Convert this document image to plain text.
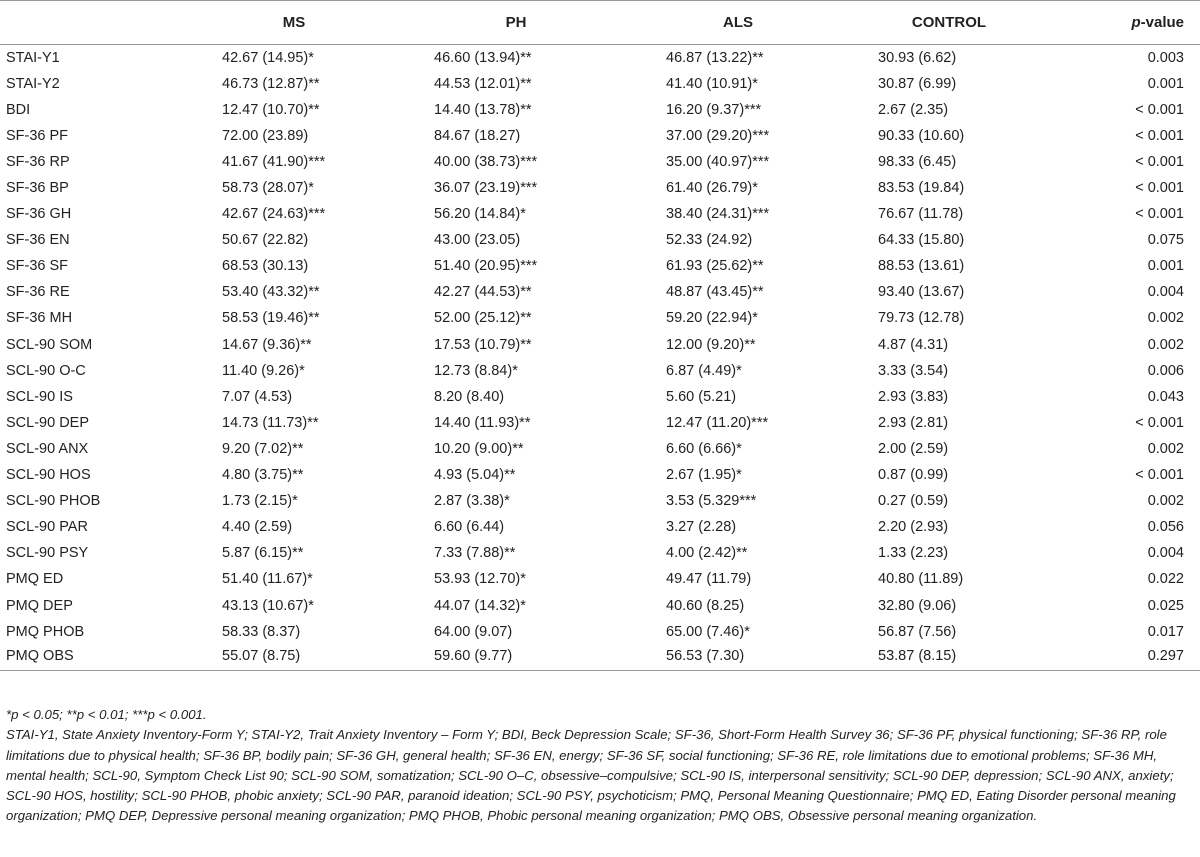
	MS	PH	ALS	CONTROL	p-value
STAI-Y1	42.67 (14.95)*	46.60 (13.94)**	46.87 (13.22)**	30.93 (6.62)	0.003
STAI-Y2	46.73 (12.87)**	44.53 (12.01)**	41.40 (10.91)*	30.87 (6.99)	0.001
BDI	12.47 (10.70)**	14.40 (13.78)**	16.20 (9.37)***	2.67 (2.35)	< 0.001
SF-36 PF	72.00 (23.89)	84.67 (18.27)	37.00 (29.20)***	90.33 (10.60)	< 0.001
SF-36 RP	41.67 (41.90)***	40.00 (38.73)***	35.00 (40.97)***	98.33 (6.45)	< 0.001
SF-36 BP	58.73 (28.07)*	36.07 (23.19)***	61.40 (26.79)*	83.53 (19.84)	< 0.001
SF-36 GH	42.67 (24.63)***	56.20 (14.84)*	38.40 (24.31)***	76.67 (11.78)	< 0.001
SF-36 EN	50.67 (22.82)	43.00 (23.05)	52.33 (24.92)	64.33 (15.80)	0.075
SF-36 SF	68.53 (30.13)	51.40 (20.95)***	61.93 (25.62)**	88.53 (13.61)	0.001
SF-36 RE	53.40 (43.32)**	42.27 (44.53)**	48.87 (43.45)**	93.40 (13.67)	0.004
SF-36 MH	58.53 (19.46)**	52.00 (25.12)**	59.20 (22.94)*	79.73 (12.78)	0.002
SCL-90 SOM	14.67 (9.36)**	17.53 (10.79)**	12.00 (9.20)**	4.87 (4.31)	0.002
SCL-90 O-C	11.40 (9.26)*	12.73 (8.84)*	6.87 (4.49)*	3.33 (3.54)	0.006
SCL-90 IS	7.07 (4.53)	8.20 (8.40)	5.60 (5.21)	2.93 (3.83)	0.043
SCL-90 DEP	14.73 (11.73)**	14.40 (11.93)**	12.47 (11.20)***	2.93 (2.81)	< 0.001
SCL-90 ANX	9.20 (7.02)**	10.20 (9.00)**	6.60 (6.66)*	2.00 (2.59)	0.002
SCL-90 HOS	4.80 (3.75)**	4.93 (5.04)**	2.67 (1.95)*	0.87 (0.99)	< 0.001
SCL-90 PHOB	1.73 (2.15)*	2.87 (3.38)*	3.53 (5.329***	0.27 (0.59)	0.002
SCL-90 PAR	4.40 (2.59)	6.60 (6.44)	3.27 (2.28)	2.20 (2.93)	0.056
SCL-90 PSY	5.87 (6.15)**	7.33 (7.88)**	4.00 (2.42)**	1.33 (2.23)	0.004
PMQ ED	51.40 (11.67)*	53.93 (12.70)*	49.47 (11.79)	40.80 (11.89)	0.022
PMQ DEP	43.13 (10.67)*	44.07 (14.32)*	40.60 (8.25)	32.80 (9.06)	0.025
PMQ PHOB	58.33 (8.37)	64.00 (9.07)	65.00 (7.46)*	56.87 (7.56)	0.017
PMQ OBS	55.07 (8.75)	59.60 (9.77)	56.53 (7.30)	53.87 (8.15)	0.297

*p < 0.05; **p < 0.01; ***p < 0.001.

STAI-Y1, State Anxiety Inventory-Form Y; STAI-Y2, Trait Anxiety Inventory – Form Y; BDI, Beck Depression Scale; SF-36, Short-Form Health Survey 36; SF-36 PF, physical functioning; SF-36 RP, role limitations due to physical health; SF-36 BP, bodily pain; SF-36 GH, general health; SF-36 EN, energy; SF-36 SF, social functioning; SF-36 RE, role limitations due to emotional problems; SF-36 MH, mental health; SCL-90, Symptom Check List 90; SCL-90 SOM, somatization; SCL-90 O–C, obsessive–compulsive; SCL-90 IS, interpersonal sensitivity; SCL-90 DEP, depression; SCL-90 ANX, anxiety; SCL-90 HOS, hostility; SCL-90 PHOB, phobic anxiety; SCL-90 PAR, paranoid ideation; SCL-90 PSY, psychoticism; PMQ, Personal Meaning Questionnaire; PMQ ED, Eating Disorder personal meaning organization; PMQ DEP, Depressive personal meaning organization; PMQ PHOB, Phobic personal meaning organization; PMQ OBS, Obsessive personal meaning organization.
